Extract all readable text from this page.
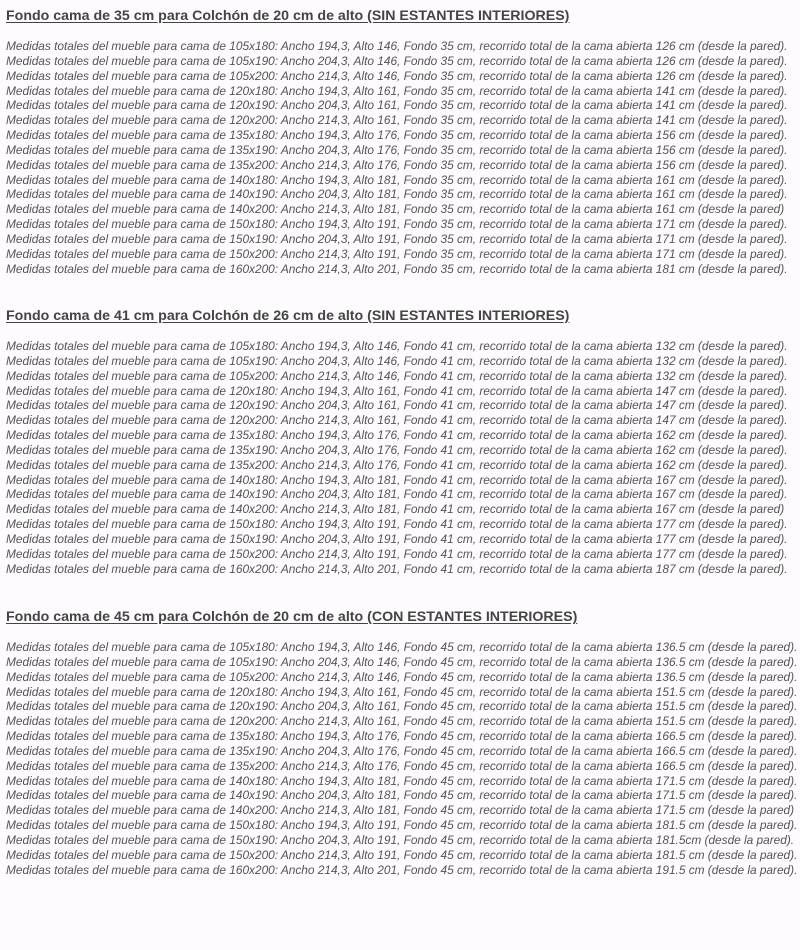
Fondo cama de 35 cm para Colchón de 20 cm de alto (SIN ESTANTES INTERIORES)
Medidas totales del mueble para cama de 105x180: Ancho 194,3, Alto 146, Fondo 35 cm, recorrido total de la cama abierta 126 cm (desde la pared).
Medidas totales del mueble para cama de 105x190: Ancho 204,3, Alto 146, Fondo 35 cm, recorrido total de la cama abierta 126 cm (desde la pared).
Medidas totales del mueble para cama de 105x200: Ancho 214,3, Alto 146, Fondo 35 cm, recorrido total de la cama abierta 126 cm (desde la pared).
Medidas totales del mueble para cama de 120x180: Ancho 194,3, Alto 161, Fondo 35 cm, recorrido total de la cama abierta 141 cm (desde la pared).
Medidas totales del mueble para cama de 120x190: Ancho 204,3, Alto 161, Fondo 35 cm, recorrido total de la cama abierta 141 cm (desde la pared).
Medidas totales del mueble para cama de 120x200: Ancho 214,3, Alto 161, Fondo 35 cm, recorrido total de la cama abierta 141 cm (desde la pared).
Medidas totales del mueble para cama de 135x180: Ancho 194,3, Alto 176, Fondo 35 cm, recorrido total de la cama abierta 156 cm (desde la pared).
Medidas totales del mueble para cama de 135x190: Ancho 204,3, Alto 176, Fondo 35 cm, recorrido total de la cama abierta 156 cm (desde la pared).
Medidas totales del mueble para cama de 135x200: Ancho 214,3, Alto 176, Fondo 35 cm, recorrido total de la cama abierta 156 cm (desde la pared).
Medidas totales del mueble para cama de 140x180: Ancho 194,3, Alto 181, Fondo 35 cm, recorrido total de la cama abierta 161 cm (desde la pared).
Medidas totales del mueble para cama de 140x190: Ancho 204,3, Alto 181, Fondo 35 cm, recorrido total de la cama abierta 161 cm (desde la pared).
Medidas totales del mueble para cama de 140x200: Ancho 214,3, Alto 181, Fondo 35 cm, recorrido total de la cama abierta 161 cm (desde la pared)
Medidas totales del mueble para cama de 150x180: Ancho 194,3, Alto 191, Fondo 35 cm, recorrido total de la cama abierta 171 cm (desde la pared).
Medidas totales del mueble para cama de 150x190: Ancho 204,3, Alto 191, Fondo 35 cm, recorrido total de la cama abierta 171 cm (desde la pared).
Medidas totales del mueble para cama de 150x200: Ancho 214,3, Alto 191, Fondo 35 cm, recorrido total de la cama abierta 171 cm (desde la pared).
Medidas totales del mueble para cama de 160x200: Ancho 214,3, Alto 201, Fondo 35 cm, recorrido total de la cama abierta 181 cm (desde la pared).
Fondo cama de 41 cm para Colchón de 26 cm de alto (SIN ESTANTES INTERIORES)
Medidas totales del mueble para cama de 105x180: Ancho 194,3, Alto 146, Fondo 41 cm, recorrido total de la cama abierta 132 cm (desde la pared).
Medidas totales del mueble para cama de 105x190: Ancho 204,3, Alto 146, Fondo 41 cm, recorrido total de la cama abierta 132 cm (desde la pared).
Medidas totales del mueble para cama de 105x200: Ancho 214,3, Alto 146, Fondo 41 cm, recorrido total de la cama abierta 132 cm (desde la pared).
Medidas totales del mueble para cama de 120x180: Ancho 194,3, Alto 161, Fondo 41 cm, recorrido total de la cama abierta 147 cm (desde la pared).
Medidas totales del mueble para cama de 120x190: Ancho 204,3, Alto 161, Fondo 41 cm, recorrido total de la cama abierta 147 cm (desde la pared).
Medidas totales del mueble para cama de 120x200: Ancho 214,3, Alto 161, Fondo 41 cm, recorrido total de la cama abierta 147 cm (desde la pared).
Medidas totales del mueble para cama de 135x180: Ancho 194,3, Alto 176, Fondo 41 cm, recorrido total de la cama abierta 162 cm (desde la pared).
Medidas totales del mueble para cama de 135x190: Ancho 204,3, Alto 176, Fondo 41 cm, recorrido total de la cama abierta 162 cm (desde la pared).
Medidas totales del mueble para cama de 135x200: Ancho 214,3, Alto 176, Fondo 41 cm, recorrido total de la cama abierta 162 cm (desde la pared).
Medidas totales del mueble para cama de 140x180: Ancho 194,3, Alto 181, Fondo 41 cm, recorrido total de la cama abierta 167 cm (desde la pared).
Medidas totales del mueble para cama de 140x190: Ancho 204,3, Alto 181, Fondo 41 cm, recorrido total de la cama abierta 167 cm (desde la pared).
Medidas totales del mueble para cama de 140x200: Ancho 214,3, Alto 181, Fondo 41 cm, recorrido total de la cama abierta 167 cm (desde la pared)
Medidas totales del mueble para cama de 150x180: Ancho 194,3, Alto 191, Fondo 41 cm, recorrido total de la cama abierta 177 cm (desde la pared).
Medidas totales del mueble para cama de 150x190: Ancho 204,3, Alto 191, Fondo 41 cm, recorrido total de la cama abierta 177 cm (desde la pared).
Medidas totales del mueble para cama de 150x200: Ancho 214,3, Alto 191, Fondo 41 cm, recorrido total de la cama abierta 177 cm (desde la pared).
Medidas totales del mueble para cama de 160x200: Ancho 214,3, Alto 201, Fondo 41 cm, recorrido total de la cama abierta 187 cm (desde la pared).
Fondo cama de 45 cm para Colchón de 20 cm de alto (CON ESTANTES INTERIORES)
Medidas totales del mueble para cama de 105x180: Ancho 194,3, Alto 146, Fondo 45 cm, recorrido total de la cama abierta 136.5 cm (desde la pared).
Medidas totales del mueble para cama de 105x190: Ancho 204,3, Alto 146, Fondo 45 cm, recorrido total de la cama abierta 136.5 cm (desde la pared).
Medidas totales del mueble para cama de 105x200: Ancho 214,3, Alto 146, Fondo 45 cm, recorrido total de la cama abierta 136.5 cm (desde la pared).
Medidas totales del mueble para cama de 120x180: Ancho 194,3, Alto 161, Fondo 45 cm, recorrido total de la cama abierta 151.5 cm (desde la pared).
Medidas totales del mueble para cama de 120x190: Ancho 204,3, Alto 161, Fondo 45 cm, recorrido total de la cama abierta 151.5 cm (desde la pared).
Medidas totales del mueble para cama de 120x200: Ancho 214,3, Alto 161, Fondo 45 cm, recorrido total de la cama abierta 151.5 cm (desde la pared).
Medidas totales del mueble para cama de 135x180: Ancho 194,3, Alto 176, Fondo 45 cm, recorrido total de la cama abierta 166.5 cm (desde la pared).
Medidas totales del mueble para cama de 135x190: Ancho 204,3, Alto 176, Fondo 45 cm, recorrido total de la cama abierta 166.5 cm (desde la pared).
Medidas totales del mueble para cama de 135x200: Ancho 214,3, Alto 176, Fondo 45 cm, recorrido total de la cama abierta 166.5 cm (desde la pared).
Medidas totales del mueble para cama de 140x180: Ancho 194,3, Alto 181, Fondo 45 cm, recorrido total de la cama abierta 171.5 cm (desde la pared).
Medidas totales del mueble para cama de 140x190: Ancho 204,3, Alto 181, Fondo 45 cm, recorrido total de la cama abierta 171.5 cm (desde la pared).
Medidas totales del mueble para cama de 140x200: Ancho 214,3, Alto 181, Fondo 45 cm, recorrido total de la cama abierta 171.5 cm (desde la pared)
Medidas totales del mueble para cama de 150x180: Ancho 194,3, Alto 191, Fondo 45 cm, recorrido total de la cama abierta 181.5 cm (desde la pared).
Medidas totales del mueble para cama de 150x190: Ancho 204,3, Alto 191, Fondo 45 cm, recorrido total de la cama abierta 181.5cm (desde la pared).
Medidas totales del mueble para cama de 150x200: Ancho 214,3, Alto 191, Fondo 45 cm, recorrido total de la cama abierta 181.5 cm (desde la pared).
Medidas totales del mueble para cama de 160x200: Ancho 214,3, Alto 201, Fondo 45 cm, recorrido total de la cama abierta 191.5 cm (desde la pared).
